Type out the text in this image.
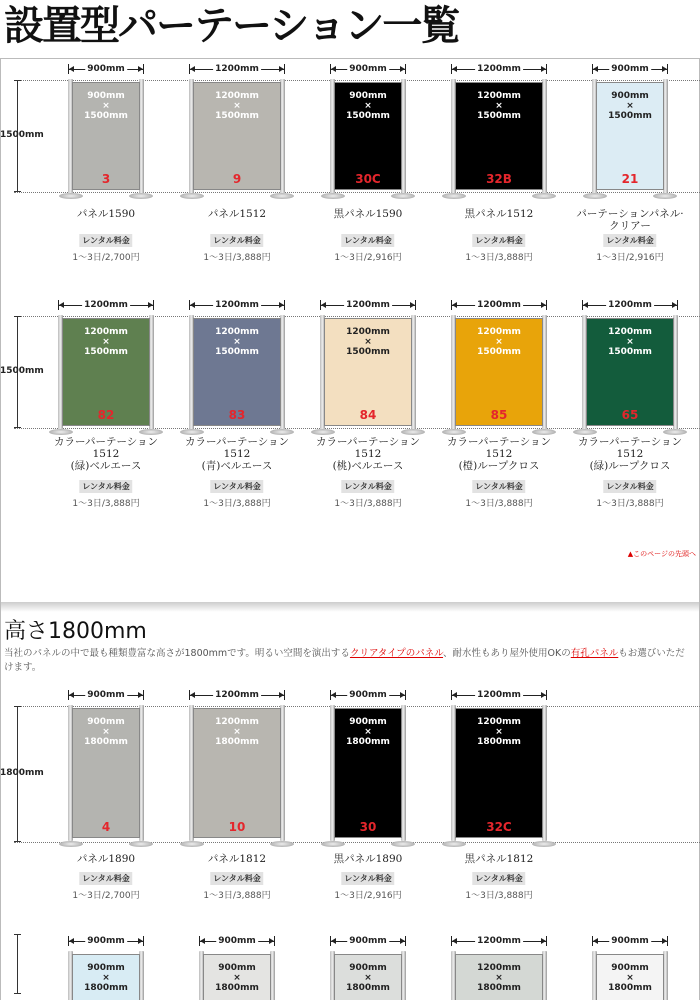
設置型パーテーション一覧
1500mm
900mm
900mm
×
1500mm
3
パネル1590
レンタル料金
1～3日/2,700円
1200mm
1200mm
×
1500mm
9
パネル1512
レンタル料金
1～3日/3,888円
900mm
900mm
×
1500mm
30C
黒パネル1590
レンタル料金
1～3日/2,916円
1200mm
1200mm
×
1500mm
32B
黒パネル1512
レンタル料金
1～3日/3,888円
900mm
900mm
×
1500mm
21
パーテーションパネル·
クリアー
レンタル料金
1～3日/2,916円
1500mm
1200mm
1200mm
×
1500mm
82
カラーパーテーション
1512
(緑)ベルエース
レンタル料金
1～3日/3,888円
1200mm
1200mm
×
1500mm
83
カラーパーテーション
1512
(青)ベルエース
レンタル料金
1～3日/3,888円
1200mm
1200mm
×
1500mm
84
カラーパーテーション
1512
(桃)ベルエース
レンタル料金
1～3日/3,888円
1200mm
1200mm
×
1500mm
85
カラーパーテーション
1512
(橙)ループクロス
レンタル料金
1～3日/3,888円
1200mm
1200mm
×
1500mm
65
カラーパーテーション
1512
(緑)ループクロス
レンタル料金
1～3日/3,888円
▲このページの先頭へ
高さ1800mm
当社のパネルの中で最も種類豊富な高さが1800mmです。明るい空間を演出するクリアタイプのパネル、耐水性もあり屋外使用OKの有孔パネルもお選びいただけます。
1800mm
900mm
900mm
×
1800mm
4
パネル1890
レンタル料金
1～3日/2,700円
1200mm
1200mm
×
1800mm
10
パネル1812
レンタル料金
1～3日/3,888円
900mm
900mm
×
1800mm
30
黒パネル1890
レンタル料金
1～3日/2,916円
1200mm
1200mm
×
1800mm
32C
黒パネル1812
レンタル料金
1～3日/3,888円
900mm
900mm
×
1800mm
900mm
900mm
×
1800mm
900mm
900mm
×
1800mm
1200mm
1200mm
×
1800mm
900mm
900mm
×
1800mm
